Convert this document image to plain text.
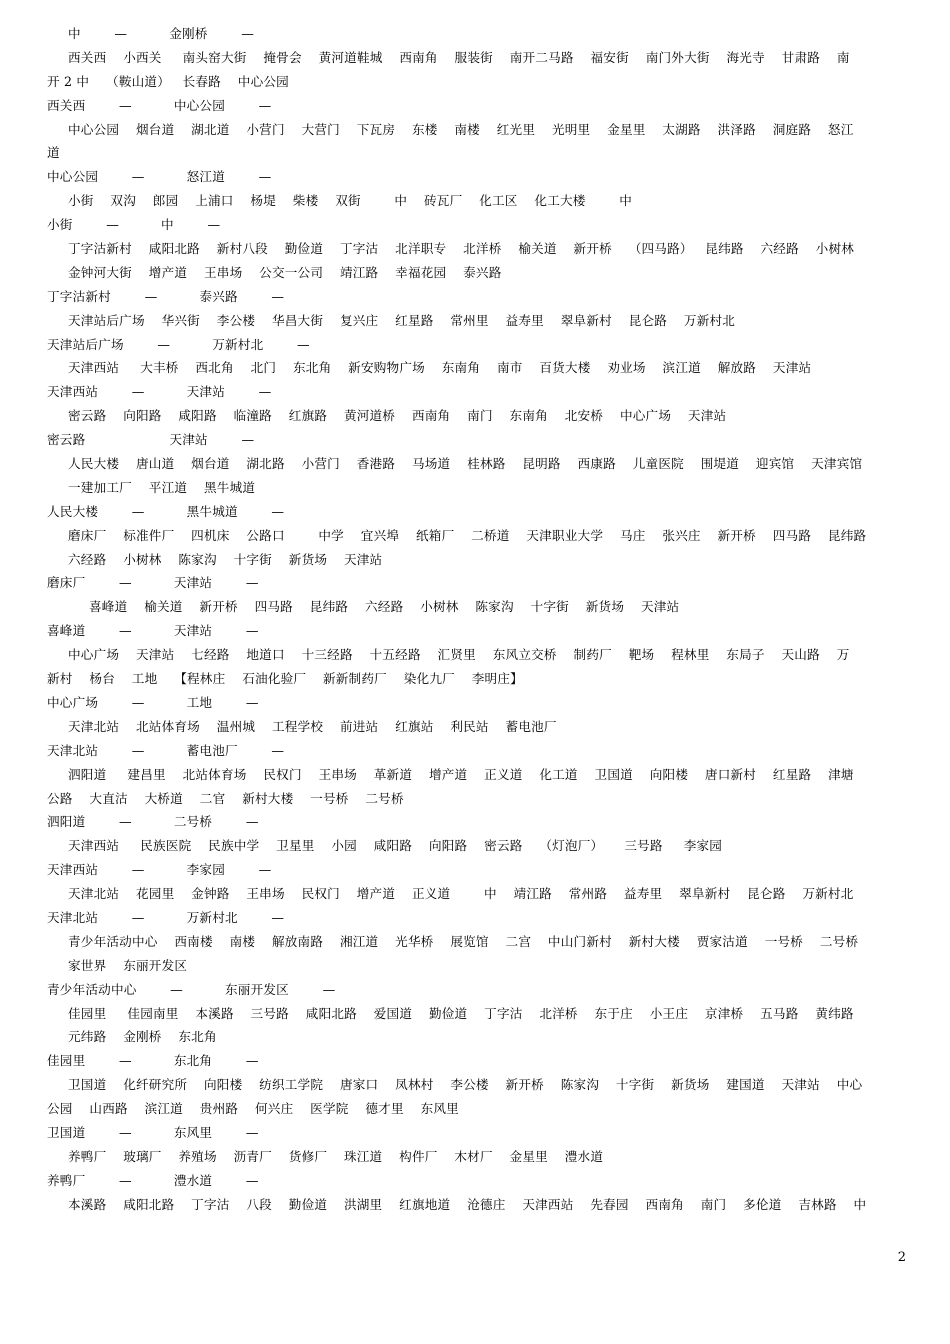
中        —          金刚桥        —
西关西    小西关     南头窑大街    掩骨会    黄河道鞋城    西南角    服装街    南开二马路    福安街    南门外大街    海光寺    甘肃路    南
开 2 中    （鞍山道）   长春路    中心公园
西关西        —          中心公园        —
中心公园    烟台道    湖北道    小营门    大营门    下瓦房    东楼    南楼    红光里    光明里    金星里    太湖路    洪泽路    洞庭路    怒江
道
中心公园        —          怒江道        —
小街    双沟    郎园    上浦口    杨堤    柴楼    双街        中    砖瓦厂    化工区    化工大楼        中
小街        —          中        —
丁字沽新村    咸阳北路    新村八段    勤俭道    丁字沽    北洋职专    北洋桥    榆关道    新开桥    （四马路）   昆纬路    六经路    小树林
金钟河大街    增产道    王串场    公交一公司    靖江路    幸福花园    泰兴路
丁字沽新村        —          泰兴路        —
天津站后广场    华兴街    李公楼    华昌大街    复兴庄    红星路    常州里    益寿里    翠阜新村    昆仑路    万新村北
天津站后广场        —          万新村北        —
天津西站     大丰桥    西北角    北门    东北角    新安购物广场    东南角    南市    百货大楼    劝业场    滨江道    解放路    天津站
天津西站        —          天津站        —
密云路    向阳路    咸阳路    临潼路    红旗路    黄河道桥    西南角    南门    东南角    北安桥    中心广场    天津站
密云路                    天津站        —
人民大楼    唐山道    烟台道    湖北路    小营门    香港路    马场道    桂林路    昆明路    西康路    儿童医院    围堤道    迎宾馆    天津宾馆
一建加工厂    平江道    黑牛城道
人民大楼        —          黑牛城道        —
磨床厂    标准件厂    四机床    公路口        中学    宜兴埠    纸箱厂    二桥道    天津职业大学    马庄    张兴庄    新开桥    四马路    昆纬路
六经路    小树林    陈家沟    十字街    新货场    天津站
磨床厂        —          天津站        —
喜峰道    榆关道    新开桥    四马路    昆纬路    六经路    小树林    陈家沟    十字街    新货场    天津站
喜峰道        —          天津站        —
中心广场    天津站    七经路    地道口    十三经路    十五经路    汇贤里    东风立交桥    制药厂    靶场    程林里    东局子    天山路    万
新村    杨台    工地    【程林庄    石油化验厂    新新制药厂    染化九厂    李明庄】
中心广场        —          工地        —
天津北站    北站体育场    温州城    工程学校    前进站    红旗站    利民站    蓄电池厂
天津北站        —          蓄电池厂        —
泗阳道     建昌里    北站体育场    民权门    王串场    革新道    增产道    正义道    化工道    卫国道    向阳楼    唐口新村    红星路    津塘
公路    大直沽    大桥道    二官    新村大楼    一号桥    二号桥
泗阳道        —          二号桥        —
天津西站     民族医院    民族中学    卫星里    小园    咸阳路    向阳路    密云路    （灯泡厂）     三号路     李家园
天津西站        —          李家园        —
天津北站    花园里    金钟路    王串场    民权门    增产道    正义道        中    靖江路    常州路    益寿里    翠阜新村    昆仑路    万新村北
天津北站        —          万新村北        —
青少年活动中心    西南楼    南楼    解放南路    湘江道    光华桥    展览馆    二宫    中山门新村    新村大楼    贾家沽道    一号桥    二号桥
家世界    东丽开发区
青少年活动中心        —          东丽开发区        —
佳园里     佳园南里    本溪路    三号路    咸阳北路    爱国道    勤俭道    丁字沽    北洋桥    东于庄    小王庄    京津桥    五马路    黄纬路
元纬路    金刚桥    东北角
佳园里        —          东北角        —
卫国道    化纤研究所    向阳楼    纺织工学院    唐家口    凤林村    李公楼    新开桥    陈家沟    十字街    新货场    建国道    天津站    中心
公园    山西路    滨江道    贵州路    何兴庄    医学院    德才里    东风里
卫国道        —          东风里        —
养鸭厂    玻璃厂    养殖场    沥青厂    货修厂    珠江道    构件厂    木材厂    金星里    澧水道
养鸭厂        —          澧水道        —
本溪路    咸阳北路    丁字沽    八段    勤俭道    洪湖里    红旗地道    沧德庄    天津西站    先春园    西南角    南门    多伦道    吉林路    中
2
